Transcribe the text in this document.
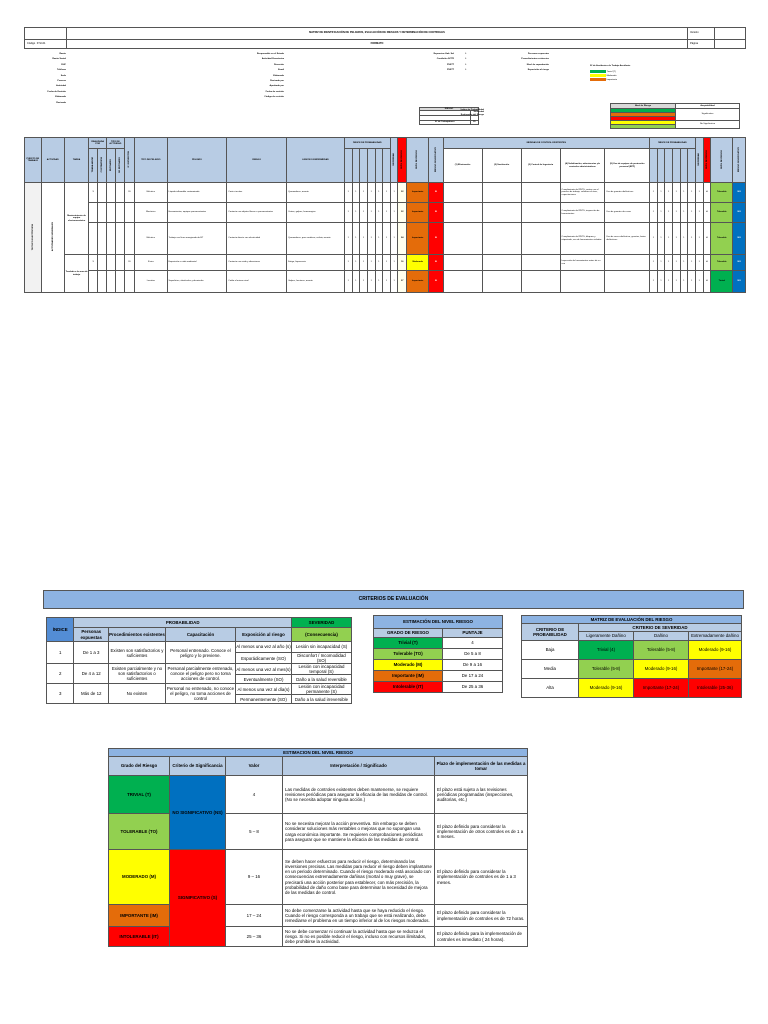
	MATRIZ DE IDENTIFICACIÓN DE PELIGROS, EVALUACIÓN DE RIESGOS Y DETERMINACIÓN DE CONTROLES	Versión	
Código  P-SI-01	FORMATO	Página	
Razón
Razón Social
RUC
Teléfono
Sede
Proceso
Actividad
Fecha de Emisión
Elaborado
Revisado
Responsable en el Estado
Actividad Económica
Dirección
Email
Elaborado
Revisado por
Aprobado por
Fecha de emisión
Código de revisión
Expuestos Hab. Sol
Condición SCTR
PSSTT
PSSTT
0
0
0
0
Personas expuestas
Procedimientos existentes
Nivel de capacitación
Exposición al riesgo
RIESGO	

N° de Trabajadores	20
Índice de Probabilidad
Severidad
Evaluación del Riesgo
N° de Accidentes de Trabajo Accidente
Trivial (T)
Moderado
Importante
Nivel de Riesgo	Aceptabilidad
	Significativo

	No Significativo

PUESTO DE TRABAJO	ACTIVIDAD	TAREA	REALIZADA POR		TIPO DE ACTIVIDAD		N° EXPUESTOS	TIPO DE PELIGRO	PELIGRO	RIESGO	LESIÓN O ENFERMEDAD	ÍNDICE DE PROBABILIDAD						SEVERIDAD	NIVEL DE RIESGO	NIVEL DE RIESGO	RIESGO SIGNIFICATIVO	MEDIDAS DE CONTROL EXISTENTES					ÍNDICE DE PROBABILIDAD						SEVERIDAD	NIVEL DE RIESGO	NIVEL DE RIESGO	RIESGO SIGNIFICATIVO
			TRABAJADOR	CONTRATISTA	RUTINARIO	NO RUTINARIO																(1) Eliminación	(2) Sustitución	(3) Control de Ingeniería	(4) Señalización, advertencias y/o controles administrativos	(5) Uso de equipos de protección personal (EPP)										
TECNICO ELECTRICISTA	ACTIVIDADES GENERALES	Mantenimiento de equipo electromecánico	X				20	Eléctrico	Líquido inflamable contaminado	Corto circuitos	Quemaduras, muerte	1	1	1	1	1	1	1	32	Importante	SI				Cumplimiento del PETS, contar con el permiso de trabajo, señalizar el área, capacitaciones	Uso de guantes dieléctricos	1	1	1	1	1	1	1	4	Tolerable	NO
								Mecánico	Herramientas, equipos punzocortantes	Contacto con objetos filosos o punzocortantes	Cortes, golpes, hemorragias	1	1	1	1	1	1	1	32	Importante	SI				Cumplimiento del PETS, inspección de herramientas	Uso de guantes de cuero	1	1	1	1	1	1	1	4	Tolerable	NO
								Eléctrico	Trabajo con línea energizada de BT	Contacto directo con electricidad	Quemaduras, paro cardiaco, asfixia, muerte	1	1	1	1	1	1	1	24	Importante	SI				Cumplimiento del PETS, bloqueo y etiquetado, uso de herramientas aisladas	Uso de casco dieléctrico, guantes, botas dieléctricas	1	1	1	1	1	1	1	4	Tolerable	NO
		Traslado a la zona de trabajo	X				20	Físico	Exposición a ruido ambiental	Contacto con ruido y vibraciones	Fatiga, hipoacusia	1	1	1	1	1	1	1	16	Moderado	SI				Inspección de herramientas antes de su uso		1	1	1	1	1	1	1	4	Tolerable	NO
								Locativo	Superficies, obstáculos y desniveles	Caída al mismo nivel	Golpes, fracturas, muerte	1	1	1	1	1	1	1	27	Importante	SI						1	1	1	1	1	1	1	4	Trivial	NO
CRITERIOS DE EVALUACIÓN
ÍNDICE	PROBABILIDAD				SEVERIDAD
	Personas expuestas	Procedimientos existentes	Capacitación	Exposición al riesgo	(Consecuencia)
1	De 1 a 3	Existen son satisfactorios y suficientes	Personal entrenado. Conoce el peligro y lo previene.	Al menos una vez al año (s)	Lesión sin incapacidad (S)
				Esporádicamente (SO)	Disconfort / Incomodidad (SO)
2	De 4 a 12	Existen parcialmente y no son satisfactorios o suficientes	Personal parcialmente entrenado, conoce el peligro pero no toma acciones de control.	Al menos una vez al mes(s)	Lesión con incapacidad temporal (S)
				Eventualmente (SO)	Daño a la salud reversible
3	Más de 12	No existen	Personal no entrenado, no conoce el peligro, no toma acciones de control	Al menos una vez al día(s)	Lesión con incapacidad permanente (S)
				Permanentemente (SO)	Daño a la salud irreversible
ESTIMACIÓN DEL NIVEL RIESGO	
GRADO DE RIESGO	PUNTAJE
Trivial (T)	4
Tolerable (TO)	De 5 a 8
Moderado (M)	De 9 a 16
Importante (IM)	De 17 a 24
Intolerable (IT)	De 25 a 36
MATRIZ DE EVALUACIÓN DEL RIESGO			
CRITERIO DE PROBABILIDAD	CRITERIO DE SEVERIDAD		
	Ligeramente Dañino	Dañino	Extremadamente dañino
Baja	Trivial (4)	Tolerable (5-8)	Moderado (9-16)
Media	Tolerable (5-8)	Moderado (9-16)	Importante (17-24)
Alta	Moderado (9-16)	Importante (17-24)	Intolerable (25-36)
ESTIMACION DEL NIVEL RIESGO				
Grado del Riesgo	Criterio de Significancia	Valor	Interpretación / Significado	Plazo de implementación de las medidas a tomar
TRIVIAL (T)	NO SIGNIFICATIVO (NS)	4	Las medidas de controles existentes deben mantenerse, se requiere revisiones periódicas para asegurar la eficacia de las medidas de control. (No se necesita adoptar ninguna acción.)	El plazo está sujeto a las revisiones periódicas programadas (inspecciones, auditorias, etc.)
TOLERABLE (TO)		5 – 8	No se necesita mejorar la acción preventiva. Sin embargo se deben considerar soluciones más rentables o mejoras que no supongan una carga económica importante. Se requieren comprobaciones periódicas para asegurar que se mantiene la eficacia de las medidas de control.	El plazo definido para considerar la implementación de otros controles es de 1 a 6 meses.
MODERADO (M)	SIGNIFICATIVO (S)	9 – 16	Se deben hacer esfuerzos para reducir el riesgo, determinando las inversiones precisas. Las medidas para reducir el riesgo deben implantarse en un periodo determinado. Cuando el riesgo moderado está asociado con consecuencias extremadamente dañinas (mortal o muy grave), se precisará una acción posterior para establecer, con más precisión, la probabilidad de daño como base para determinar la necesidad de mejora de las medidas de control.	El plazo definido para considerar la implementación de controles es de 1 a 3 meses.
IMPORTANTE (IM)		17 – 24	No debe comenzarse la actividad hasta que se haya reducido el riesgo. Cuando el riesgo corresponda a un trabajo que se está realizando, debe remediarse el problema en un tiempo inferior al de los riesgos moderados.	El plazo definido para considerar la implementación de controles es de 72 horas.
INTOLERABLE (IT)		25 – 36	No se debe comenzar ni continuar la actividad hasta que se reduzca el riesgo. Si no es posible reducir el riesgo, incluso con recursos ilimitados, debe prohibirse la actividad.	El plazo definido para la implementación de controles es inmediato ( 24 horas).
